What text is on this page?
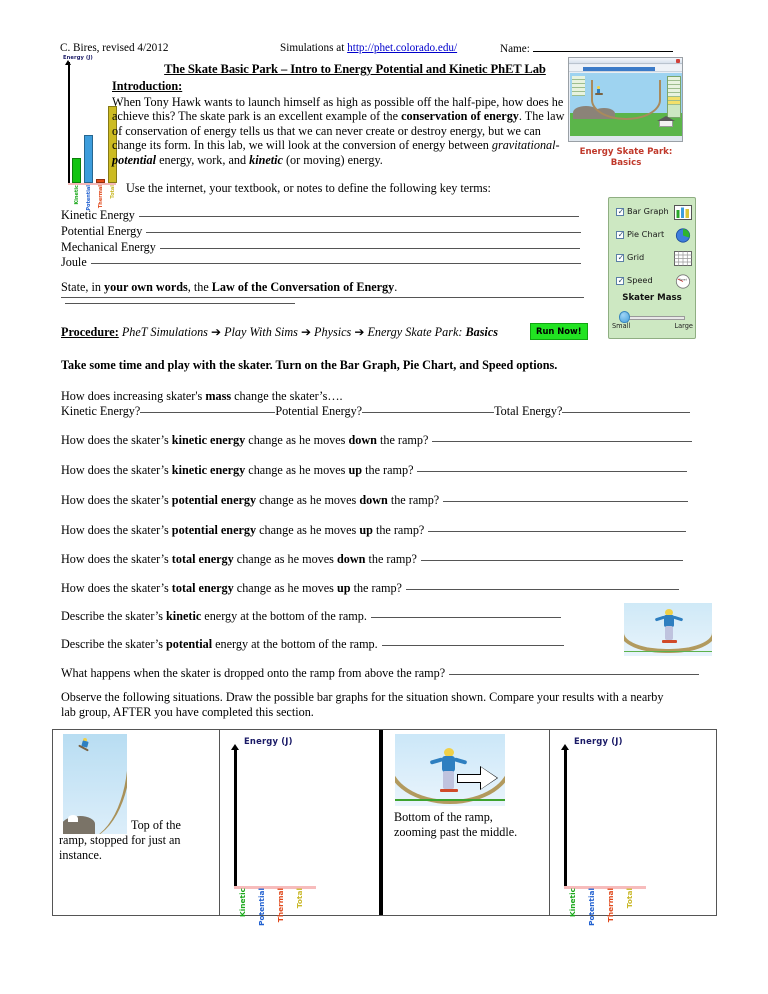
C. Bires, revised 4/2012	Simulations at http://phet.colorado.edu/	Name:
Energy (J)
Kinetic Potential Thermal Total
The Skate Basic Park – Intro to Energy Potential and Kinetic PhET Lab
Introduction:

When Tony Hawk wants to launch himself as high as possible off the half-pipe, how does he achieve this? The skate park is an excellent example of the conservation of energy. The law of conservation of energy tells us that we can never create or destroy energy, but we can change its form. In this lab, we will look at the conversion of energy between gravitational-potential energy, work, and kinetic (or moving) energy.

Use the internet, your textbook, or notes to define the following key terms:

Energy Skate Park:
Basics
Kinetic Energy
Potential Energy
Mechanical Energy
Joule
State, in your own words, the Law of the Conversation of Energy.
✓
Bar Graph
✓
Pie Chart
✓
Grid
✓
Speed	Speed
Skater Mass
Small	Large
Procedure: PheT Simulations ➔ Play With Sims ➔ Physics ➔ Energy Skate Park: Basics	Run Now!
Take some time and play with the skater. Turn on the Bar Graph, Pie Chart, and Speed options.
How does increasing skater's mass change the skater’s….
Kinetic Energy?	Potential Energy?	Total Energy?
How does the skater’s kinetic energy change as he moves down the ramp?
How does the skater’s kinetic energy change as he moves up the ramp?
How does the skater’s potential energy change as he moves down the ramp?
How does the skater’s potential energy change as he moves up the ramp?
How does the skater’s total energy change as he moves down the ramp?
How does the skater’s total energy change as he moves up the ramp?
Describe the skater’s kinetic energy at the bottom of the ramp.
Describe the skater’s potential energy at the bottom of the ramp.
What happens when the skater is dropped onto the ramp from above the ramp?
Observe the following situations. Draw the possible bar graphs for the situation shown. Compare your results with a nearby
lab group, AFTER you have completed this section.
Top of the
ramp, stopped for just an
instance.
Energy (J)
Kinetic Potential Thermal Total
Bottom of the ramp,
zooming past the middle.
Energy (J)
Kinetic Potential Thermal Total
